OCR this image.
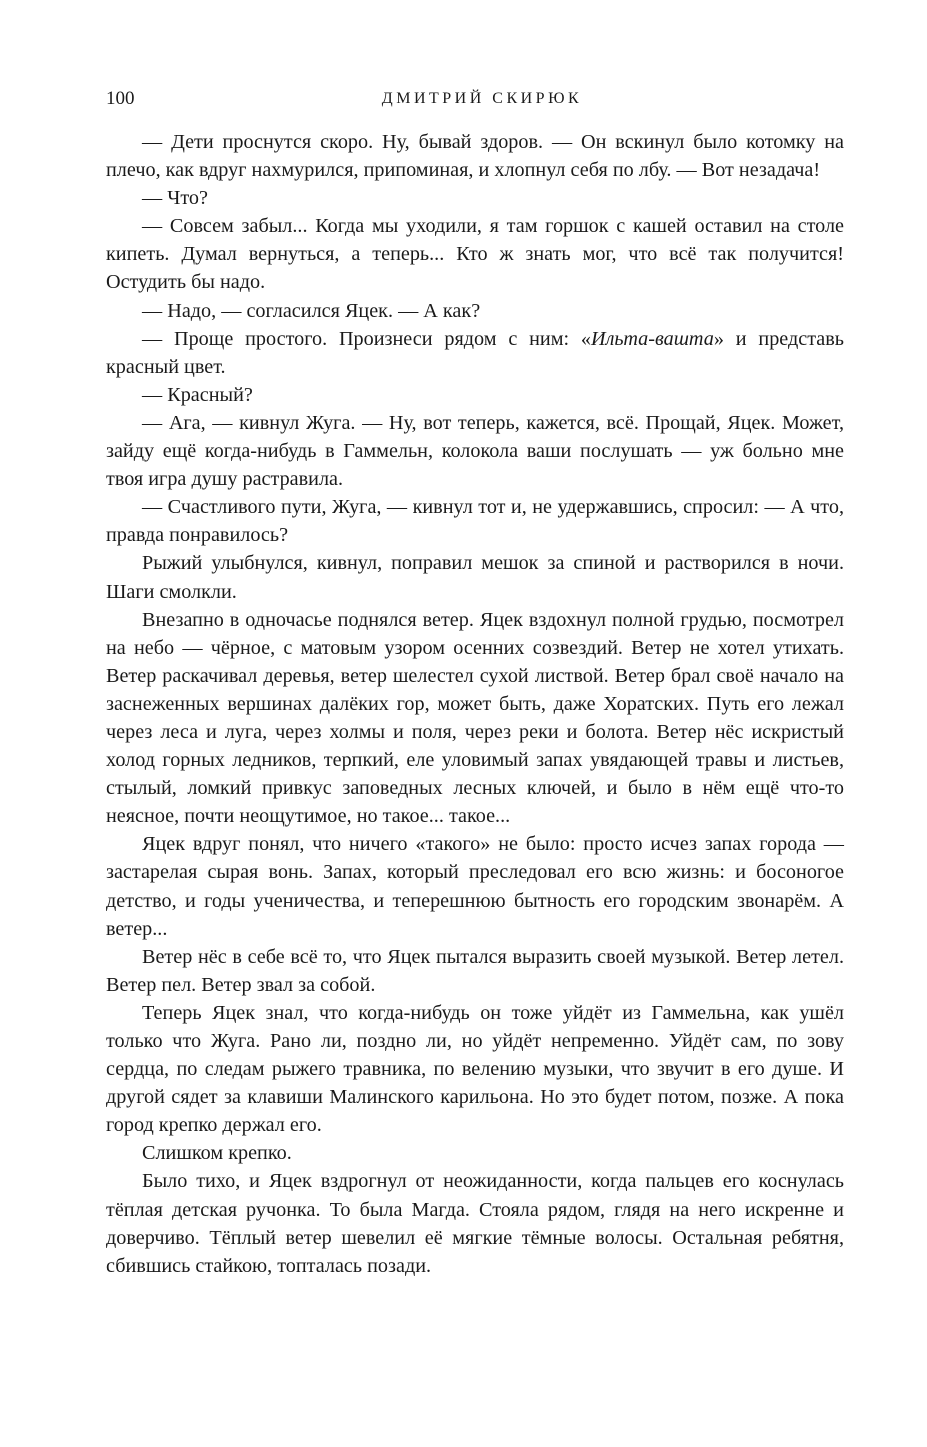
100	ДМИТРИЙ СКИРЮК

— Дети проснутся скоро. Ну, бывай здоров. — Он вскинул было котомку на плечо, как вдруг нахмурился, припоминая, и хлопнул себя по лбу. — Вот незадача!

— Что?

— Совсем забыл... Когда мы уходили, я там горшок с кашей оставил на столе кипеть. Думал вернуться, а теперь... Кто ж знать мог, что всё так получится! Остудить бы надо.

— Надо, — согласился Яцек. — А как?

— Проще простого. Произнеси рядом с ним: «Ильта-вашта» и представь красный цвет.

— Красный?

— Ага, — кивнул Жуга. — Ну, вот теперь, кажется, всё. Прощай, Яцек. Может, зайду ещё когда-нибудь в Гаммельн, колокола ваши послушать — уж больно мне твоя игра душу растравила.

— Счастливого пути, Жуга, — кивнул тот и, не удержавшись, спросил: — А что, правда понравилось?

Рыжий улыбнулся, кивнул, поправил мешок за спиной и растворился в ночи. Шаги смолкли.

Внезапно в одночасье поднялся ветер. Яцек вздохнул полной грудью, посмотрел на небо — чёрное, с матовым узором осенних созвездий. Ветер не хотел утихать. Ветер раскачивал деревья, ветер шелестел сухой листвой. Ветер брал своё начало на заснеженных вершинах далёких гор, может быть, даже Хоратских. Путь его лежал через леса и луга, через холмы и поля, через реки и болота. Ветер нёс искристый холод горных ледников, терпкий, еле уловимый запах увядающей травы и листьев, стылый, ломкий привкус заповедных лесных ключей, и было в нём ещё что-то неясное, почти неощутимое, но такое... такое...

Яцек вдруг понял, что ничего «такого» не было: просто исчез запах города — застарелая сырая вонь. Запах, который преследовал его всю жизнь: и босоногое детство, и годы ученичества, и теперешнюю бытность его городским звонарём. А ветер...

Ветер нёс в себе всё то, что Яцек пытался выразить своей музыкой. Ветер летел. Ветер пел. Ветер звал за собой.

Теперь Яцек знал, что когда-нибудь он тоже уйдёт из Гаммельна, как ушёл только что Жуга. Рано ли, поздно ли, но уйдёт непременно. Уйдёт сам, по зову сердца, по следам рыжего травника, по велению музыки, что звучит в его душе. И другой сядет за клавиши Малинского карильона. Но это будет потом, позже. А пока город крепко держал его.

Слишком крепко.

Было тихо, и Яцек вздрогнул от неожиданности, когда пальцев его коснулась тёплая детская ручонка. То была Магда. Стояла рядом, глядя на него искренне и доверчиво. Тёплый ветер шевелил её мягкие тёмные волосы. Остальная ребятня, сбившись стайкою, топталась позади.
